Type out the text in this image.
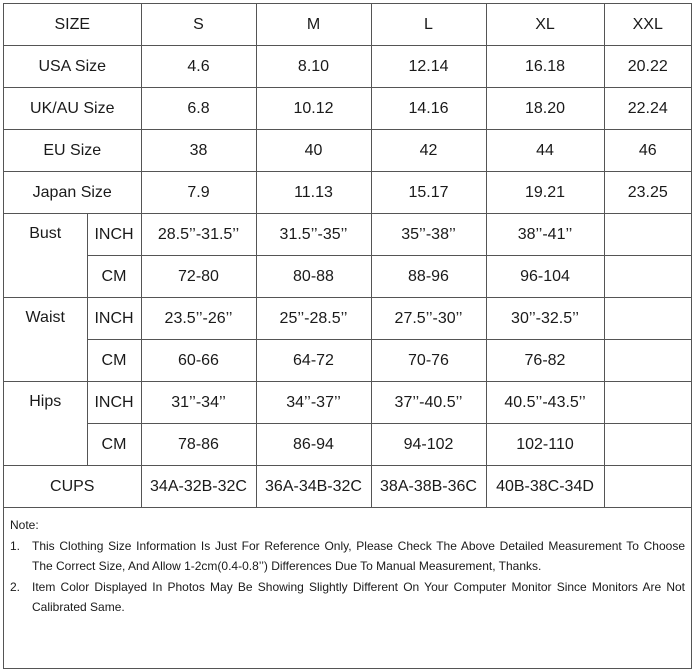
SIZE		S	M	L	XL	XXL
USA Size		4.6	8.10	12.14	16.18	20.22
UK/AU Size		6.8	10.12	14.16	18.20	22.24
EU Size		38	40	42	44	46
Japan Size		7.9	11.13	15.17	19.21	23.25
Bust	INCH	28.5’’-31.5’’	31.5’’-35’’	35’’-38’’	38’’-41’’	
	CM	72-80	80-88	88-96	96-104	
Waist	INCH	23.5’’-26’’	25’’-28.5’’	27.5’’-30’’	30’’-32.5’’	
	CM	60-66	64-72	70-76	76-82	
Hips	INCH	31’’-34’’	34’’-37’’	37’’-40.5’’	40.5’’-43.5’’	
	CM	78-86	86-94	94-102	102-110	
CUPS		34A-32B-32C	36A-34B-32C	38A-38B-36C	40B-38C-34D	
Note:
1. This Clothing Size Information Is Just For Reference Only, Please Check The Above Detailed Measurement To Choose The Correct Size, And Allow 1-2cm(0.4-0.8’’) Differences Due To Manual Measurement, Thanks.
2. Item Color Displayed In Photos May Be Showing Slightly Different On Your Computer Monitor Since Monitors Are Not Calibrated Same.
